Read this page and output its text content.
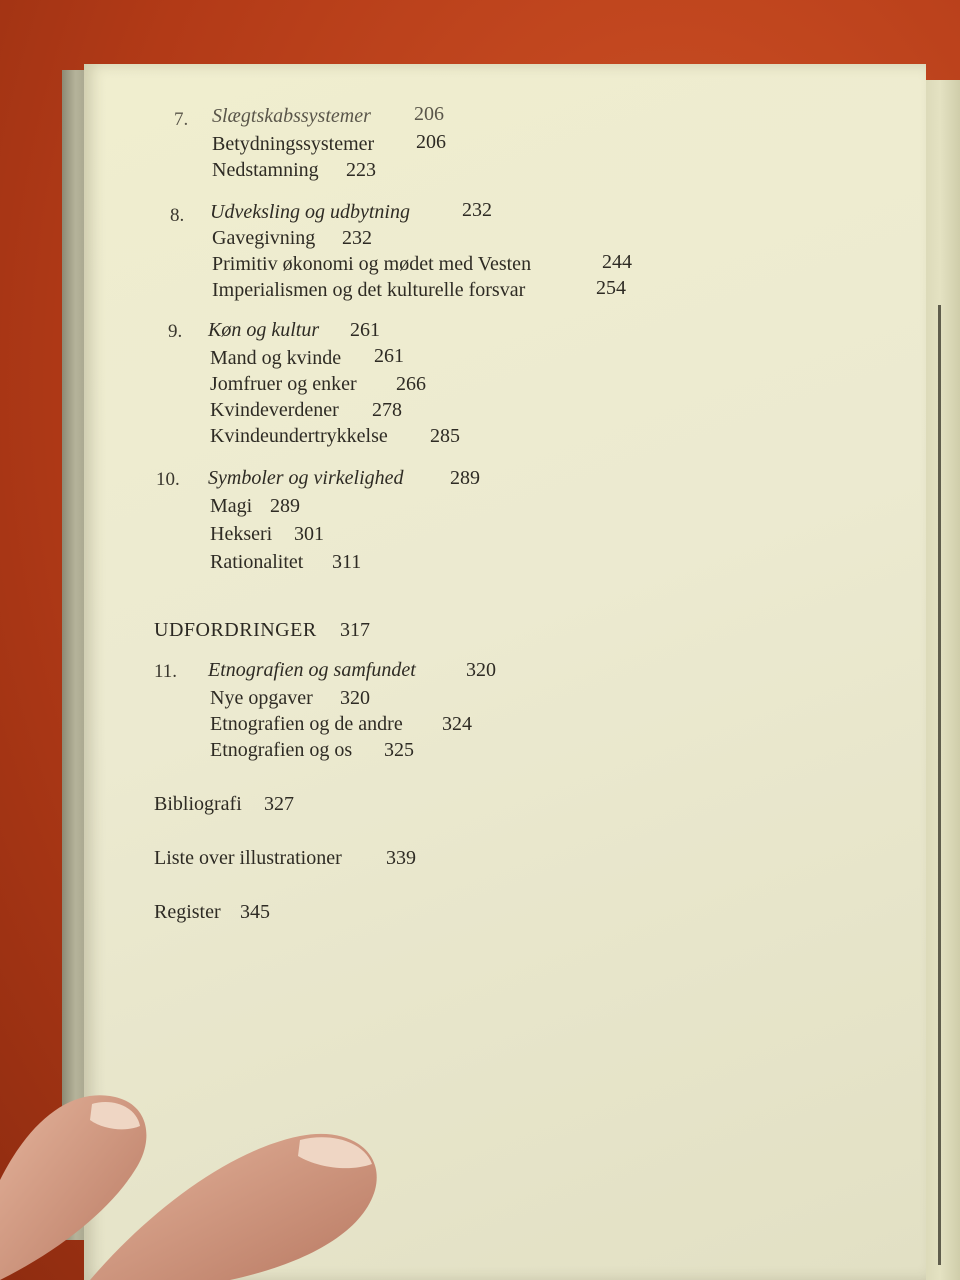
7. Slægtskabssystemer 206
Betydningssystemer 206
Nedstamning 223
8. Udveksling og udbytning	232
Gavegivning 232
Primitiv økonomi og mødet med Vesten	244
Imperialismen og det kulturelle forsvar	254
9. Køn og kultur 261
Mand og kvinde 261
Jomfruer og enker 266
Kvindeverdener 278
Kvindeundertrykkelse 285
10. Symboler og virkelighed 289
Magi 289
Hekseri 301
Rationalitet 311
UDFORDRINGER 317
11. Etnografien og samfundet	320
Nye opgaver 320
Etnografien og de andre 324
Etnografien og os 325
Bibliografi 327
Liste over illustrationer 339
Register 345
